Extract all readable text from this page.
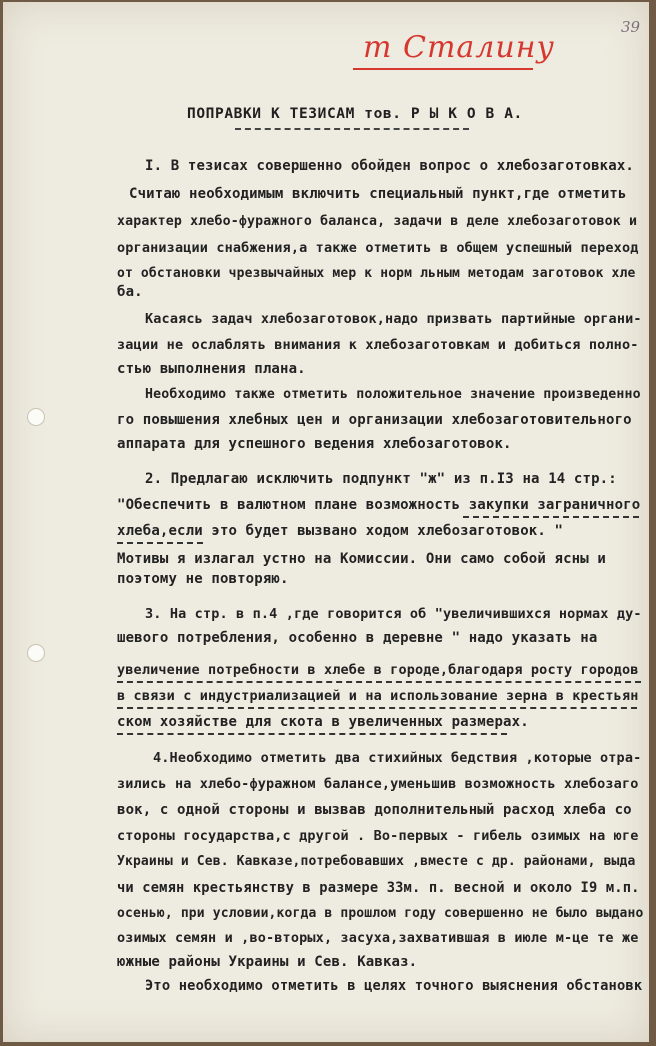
39
т Сталину
ПОПРАВКИ К ТЕЗИСАМ тов. Р Ы К О В А.
I. В тезисах совершенно обойден вопрос о хлебозаготовках.
Считаю необходимым включить специальный пункт,где отметить
характер хлебо-фуражного баланса, задачи в деле хлебозаготовок и
организации снабжения,а также отметить в общем успешный переход
от обстановки чрезвычайных мер к норм льным методам заготовок хле
ба.
Касаясь задач хлебозаготовок,надо призвать партийные органи-
зации не ослаблять внимания к хлебозаготовкам и добиться полно-
стью выполнения плана.
Необходимо также отметить положительное значение произведенно
го повышения хлебных цен и организации хлебозаготовительного
аппарата для успешного ведения хлебозаготовок.
2. Предлагаю исключить подпункт "ж" из п.I3 на 14 стр.:
"Обеспечить в валютном плане возможность закупки заграничного
хлеба,если это будет вызвано ходом хлебозаготовок. "
Мотивы я излагал устно на Комиссии. Они само собой ясны и
поэтому не повторяю.
3. На стр. в п.4 ,где говорится об "увеличившихся нормах ду-
шевого потребления, особенно в деревне " надо указать на
увеличение потребности в хлебе в городе,благодаря росту городов
в связи с индустриализацией и на использование зерна в крестьян
ском хозяйстве для скота в увеличенных размерах.
4.Необходимо отметить два стихийных бедствия ,которые отра-
зились на хлебо-фуражном балансе,уменьшив возможность хлебозаго
вок, с одной стороны и вызвав дополнительный расход хлеба со
стороны государства,с другой . Во-первых - гибель озимых на юге
Украины и Сев. Кавказе,потребовавших ,вместе с др. районами, выда
чи семян крестьянству в размере 33м. п. весной и около I9 м.п.
осенью, при условии,когда в прошлом году совершенно не было выдано
озимых семян и ,во-вторых, засуха,захватившая в июле м-це те же
южные районы Украины и Сев. Кавказ.
Это необходимо отметить в целях точного выяснения обстановк
